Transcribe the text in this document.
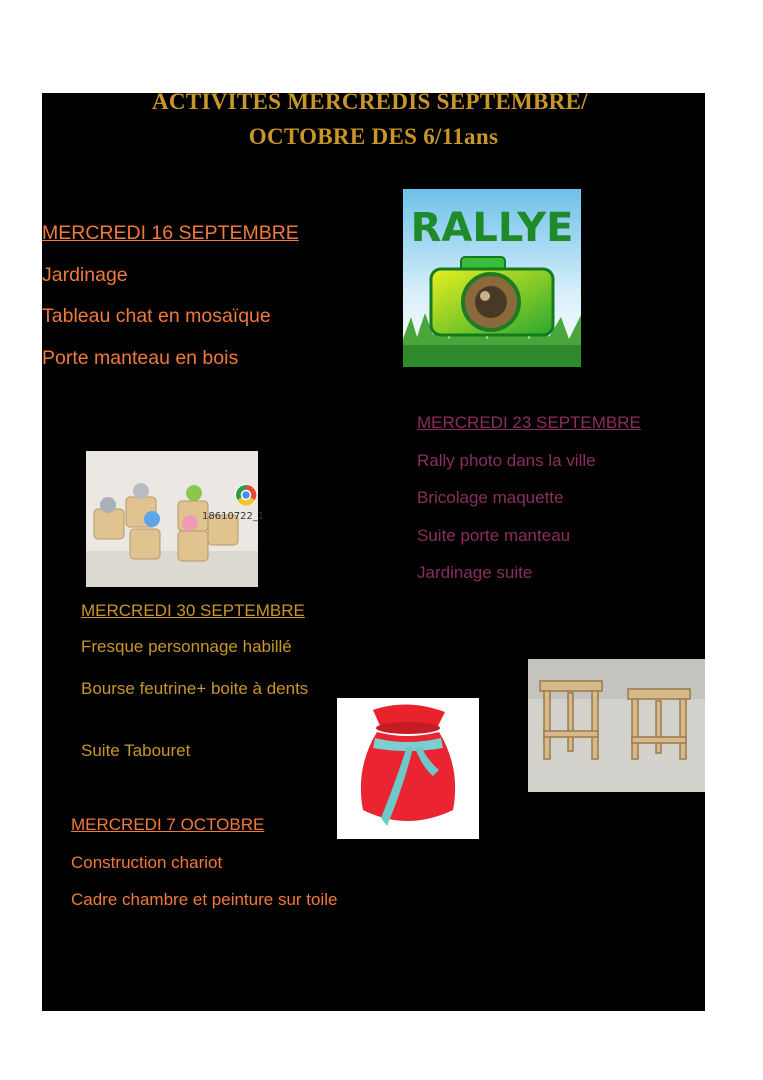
ACTIVITES MERCREDIS SEPTEMBRE/
OCTOBRE DES 6/11ans
MERCREDI 16 SEPTEMBRE
Jardinage
Tableau chat en mosaïque
Porte manteau en bois
RALLYE
MERCREDI 23 SEPTEMBRE
Rally photo dans la ville
Bricolage maquette
Suite porte manteau
Jardinage suite
18610722_1
MERCREDI 30 SEPTEMBRE
Fresque personnage habillé
Bourse feutrine+ boite à dents
Suite Tabouret
MERCREDI 7 OCTOBRE
Construction chariot
Cadre chambre et peinture sur toile
